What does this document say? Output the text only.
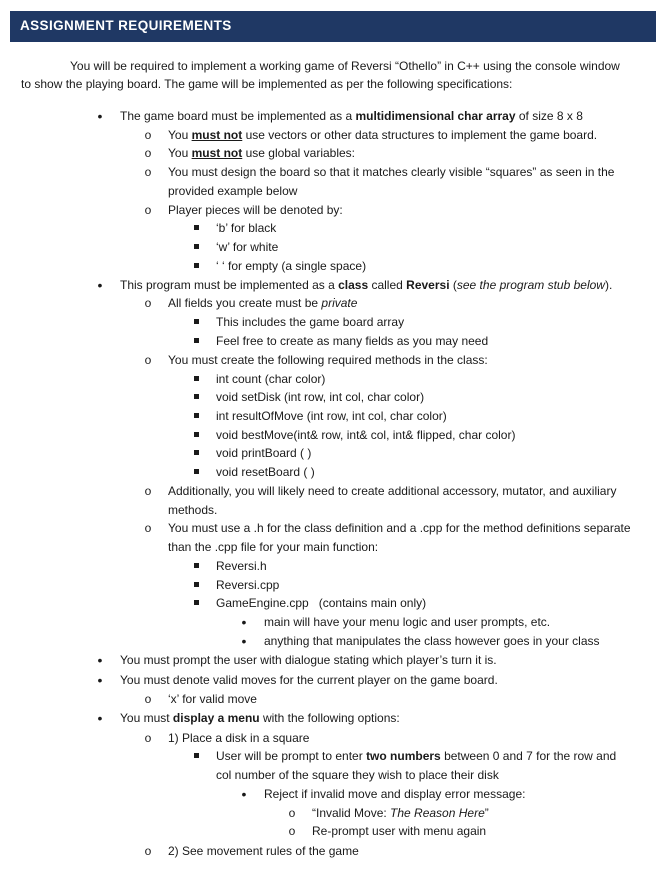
ASSIGNMENT REQUIREMENTS
You will be required to implement a working game of Reversi “Othello” in C++ using the console window
to show the playing board. The game will be implemented as per the following specifications:
•
The game board must be implemented as a multidimensional char array of size 8 x 8
o
You must not use vectors or other data structures to implement the game board.
o
You must not use global variables:
o
You must design the board so that it matches clearly visible “squares” as seen in the
provided example below
o
Player pieces will be denoted by:
‘b’ for black
‘w’ for white
‘ ‘ for empty (a single space)
•
This program must be implemented as a class called Reversi (see the program stub below).
o
All fields you create must be private
This includes the game board array
Feel free to create as many fields as you may need
o
You must create the following required methods in the class:
int count (char color)
void setDisk (int row, int col, char color)
int resultOfMove (int row, int col, char color)
void bestMove(int& row, int& col, int& flipped, char color)
void printBoard ( )
void resetBoard ( )
o
Additionally, you will likely need to create additional accessory, mutator, and auxiliary
methods.
o
You must use a .h for the class definition and a .cpp for the method definitions separate
than the .cpp file for your main function:
Reversi.h
Reversi.cpp
GameEngine.cpp   (contains main only)
•
main will have your menu logic and user prompts, etc.
•
anything that manipulates the class however goes in your class
•
You must prompt the user with dialogue stating which player’s turn it is.
•
You must denote valid moves for the current player on the game board.
o
‘x’ for valid move
•
You must display a menu with the following options:
o
1) Place a disk in a square
User will be prompt to enter two numbers between 0 and 7 for the row and
col number of the square they wish to place their disk
•
Reject if invalid move and display error message:
o
“Invalid Move: The Reason Here”
o
Re-prompt user with menu again
o
2) See movement rules of the game
